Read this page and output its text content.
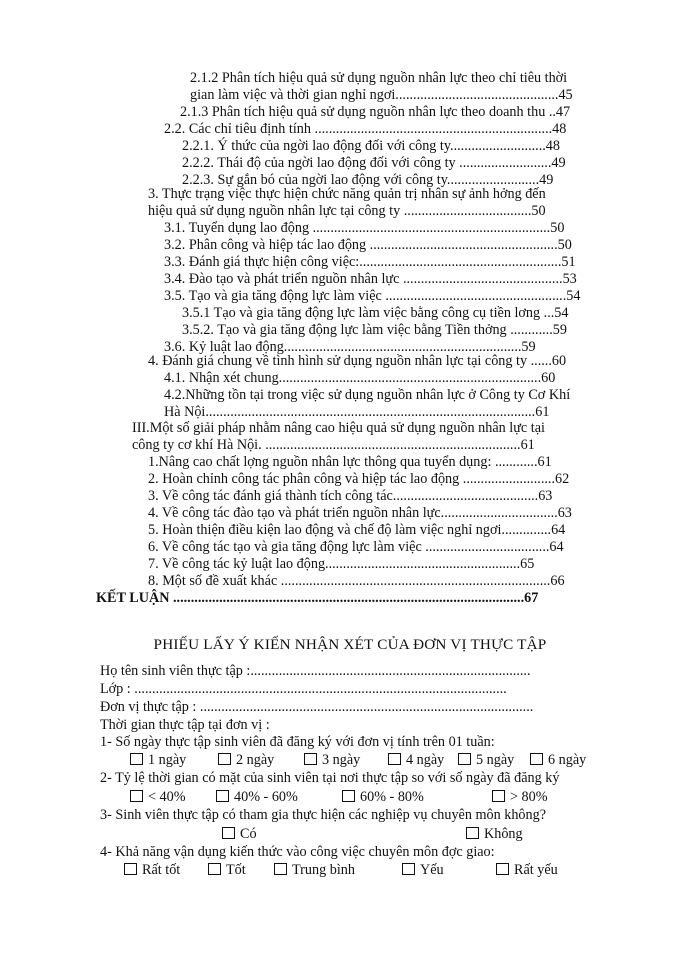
2.1.2 Phân tích hiệu quả sử dụng nguồn nhân lực theo chỉ tiêu thời
gian làm việc và thời gian nghỉ ngơi..............................................45
2.1.3 Phân tích hiệu quả sử dụng nguồn nhân lực theo doanh thu ..47
2.2. Các chỉ tiêu định tính ...................................................................48
2.2.1. Ý thức của ngời lao động đối với công ty...........................48
2.2.2. Thái độ của ngời lao động đối với công ty ..........................49
2.2.3. Sự gắn bó của ngời lao động với công ty..........................49
3. Thực trạng việc thực hiện chức năng quản trị nhân sự ảnh hởng đến
hiệu quả sử dụng nguồn nhân lực tại công ty ....................................50
3.1. Tuyển dụng lao động ...................................................................50
3.2. Phân công và hiệp tác lao động .....................................................50
3.3. Đánh giá thực hiện công việc:.........................................................51
3.4. Đào tạo và phát triển nguồn nhân lực .............................................53
3.5. Tạo và gia tăng động lực làm việc ...................................................54
3.5.1 Tạo và gia tăng động lực làm việc bằng công cụ tiền lơng ...54
3.5.2. Tạo và gia tăng động lực làm việc bằng Tiền thởng ............59
3.6. Kỷ luật lao động...................................................................59
4. Đánh giá chung về tình hình sử dụng nguồn nhân lực tại công ty ......60
4.1. Nhận xét chung..........................................................................60
4.2.Những tồn tại trong việc sử dụng nguồn nhân lực ở Công ty Cơ Khí
Hà Nội.............................................................................................61
III.Một số giải pháp nhằm nâng cao hiệu quả sử dụng nguồn nhân lực tại
công ty cơ khí Hà Nội. ........................................................................61
1.Nâng cao chất lợng nguồn nhân lực thông qua tuyển dụng: ............61
2. Hoàn chỉnh công tác phân công và hiệp tác lao động ..........................62
3. Về công tác đánh giá thành tích công tác.........................................63
4. Về công tác đào tạo và phát triển nguồn nhân lực.................................63
5. Hoàn thiện điều kiện lao động và chế độ làm việc nghỉ ngơi..............64
6. Về công tác tạo và gia tăng động lực làm việc ...................................64
7. Về công tác kỷ luật lao động.......................................................65
8. Một số đề xuất khác ............................................................................66
KẾT LUẬN ...................................................................................................67
PHIẾU LẤY Ý KIẾN NHẬN XÉT CỦA ĐƠN VỊ THỰC TẬP
Họ tên sinh viên thực tập :...............................................................................
Lớp : .........................................................................................................
Đơn vị thực tập : ..............................................................................................
Thời gian thực tập tại đơn vị :
1- Số ngày thực tập sinh viên đã đăng ký với đơn vị tính trên 01 tuần:
1 ngày	2 ngày	3 ngày	4 ngày	5 ngày	6 ngày
2- Tỷ lệ thời gian có mặt của sinh viên tại nơi thực tập so với số ngày đã đăng ký
< 40%	40% - 60%	60% - 80%	> 80%
3- Sinh viên thực tập có tham gia thực hiện các nghiệp vụ chuyên môn không?
Có	Không
4- Khả năng vận dụng kiến thức vào công việc chuyên môn đợc giao:
Rất tốt	Tốt	Trung bình	Yếu	Rất yếu
